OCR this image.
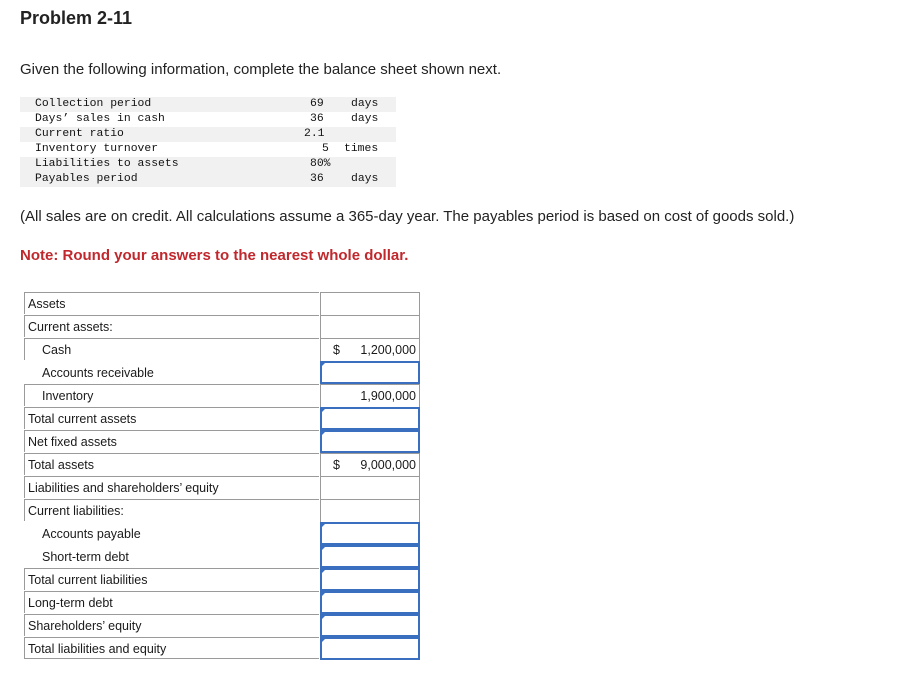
Problem 2-11
Given the following information, complete the balance sheet shown next.
Collection period	69	days
Days’ sales in cash	36	days
Current ratio	2.1
Inventory turnover	5	times
Liabilities to assets	80%
Payables period	36	days
(All sales are on credit. All calculations assume a 365-day year. The payables period is based on cost of goods sold.)
Note: Round your answers to the nearest whole dollar.
Assets
Current assets:
Cash	$ 1,200,000
Accounts receivable
Inventory	1,900,000
Total current assets
Net fixed assets
Total assets	$ 9,000,000
Liabilities and shareholders’ equity
Current liabilities:
Accounts payable
Short-term debt
Total current liabilities
Long-term debt
Shareholders’ equity
Total liabilities and equity
